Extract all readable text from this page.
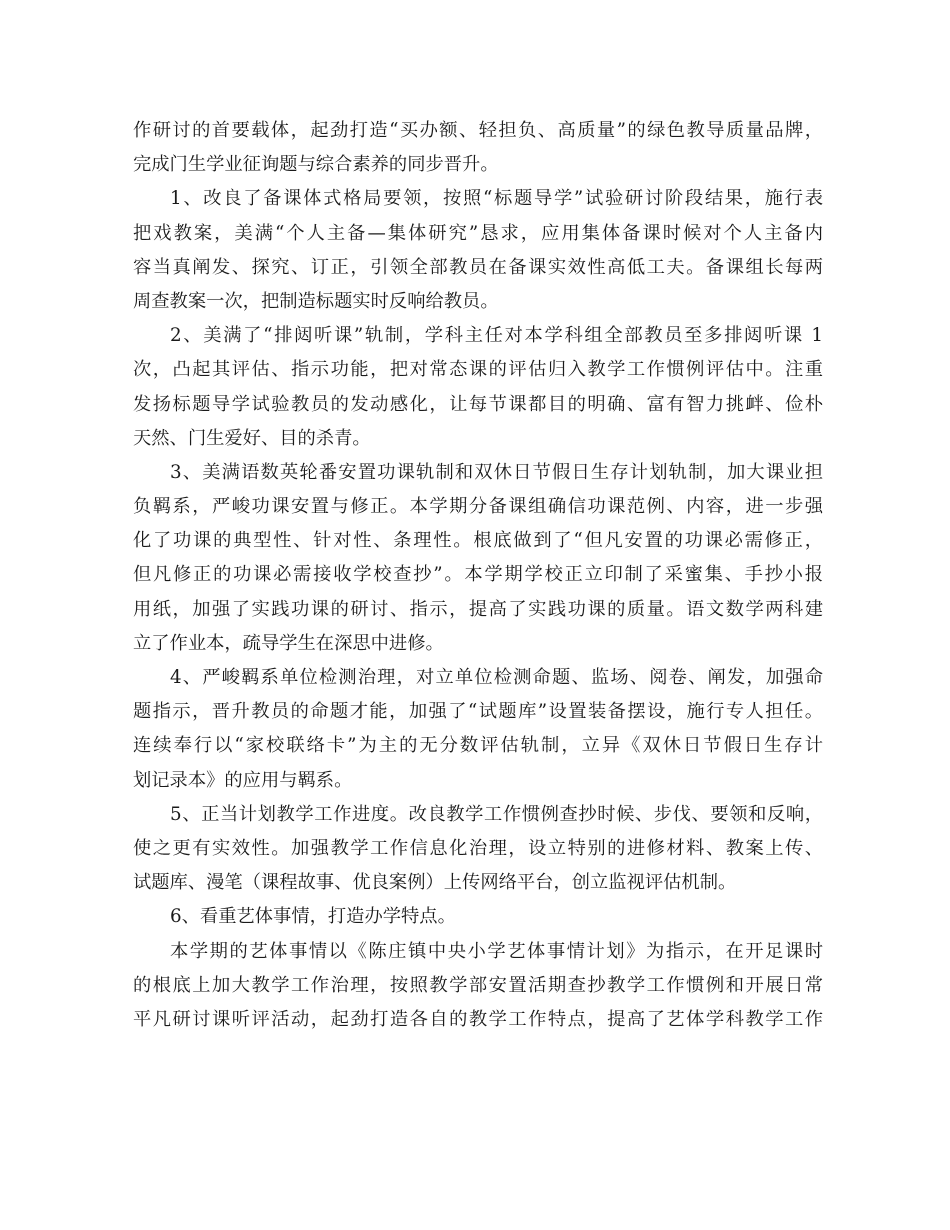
作研讨的首要载体，起劲打造“买办额、轻担负、高质量”的绿色教导质量品牌，
完成门生学业征询题与综合素养的同步晋升。
1、改良了备课体式格局要领，按照“标题导学”试验研讨阶段结果，施行表
把戏教案，美满“个人主备—集体研究”恳求，应用集体备课时候对个人主备内
容当真阐发、探究、订正，引领全部教员在备课实效性高低工夫。备课组长每两
周查教案一次，把制造标题实时反响给教员。
2、美满了“排闼听课”轨制，学科主任对本学科组全部教员至多排闼听课 1
次，凸起其评估、指示功能，把对常态课的评估归入教学工作惯例评估中。注重
发扬标题导学试验教员的发动感化，让每节课都目的明确、富有智力挑衅、俭朴
天然、门生爱好、目的杀青。
3、美满语数英轮番安置功课轨制和双休日节假日生存计划轨制，加大课业担
负羁系，严峻功课安置与修正。本学期分备课组确信功课范例、内容，进一步强
化了功课的典型性、针对性、条理性。根底做到了“但凡安置的功课必需修正，
但凡修正的功课必需接收学校查抄”。本学期学校正立印制了采蜜集、手抄小报
用纸，加强了实践功课的研讨、指示，提高了实践功课的质量。语文数学两科建
立了作业本，疏导学生在深思中进修。
4、严峻羁系单位检测治理，对立单位检测命题、监场、阅卷、阐发，加强命
题指示，晋升教员的命题才能，加强了“试题库”设置装备摆设，施行专人担任。
连续奉行以“家校联络卡”为主的无分数评估轨制，立异《双休日节假日生存计
划记录本》的应用与羁系。
5、正当计划教学工作进度。改良教学工作惯例查抄时候、步伐、要领和反响，
使之更有实效性。加强教学工作信息化治理，设立特别的进修材料、教案上传、
试题库、漫笔（课程故事、优良案例）上传网络平台，创立监视评估机制。
6、看重艺体事情，打造办学特点。
本学期的艺体事情以《陈庄镇中央小学艺体事情计划》为指示，在开足课时
的根底上加大教学工作治理，按照教学部安置活期查抄教学工作惯例和开展日常
平凡研讨课听评活动，起劲打造各自的教学工作特点，提高了艺体学科教学工作
